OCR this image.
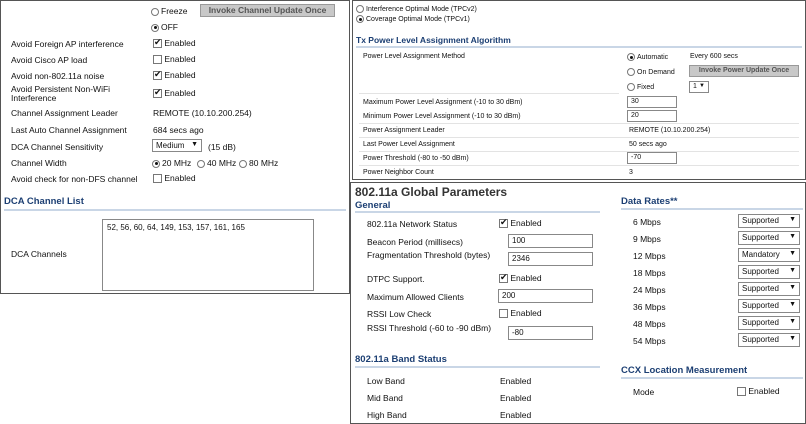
Freeze	Invoke Channel Update Once
OFF
Avoid Foreign AP interference ✔	Enabled
Avoid Cisco AP load	Enabled
Avoid non-802.11a noise ✔	Enabled
Avoid Persistent Non-WiFi Interference ✔	Enabled
Channel Assignment Leader	REMOTE (10.10.200.254)
Last Auto Channel Assignment	684 secs ago
DCA Channel Sensitivity	Medium ▼ (15 dB)
Channel Width	20 MHz	40 MHz	80 MHz
Avoid check for non-DFS channel	Enabled
DCA Channel List
DCA Channels
52, 56, 60, 64, 149, 153, 157, 161, 165
Interference Optimal Mode (TPCv2)
Coverage Optimal Mode (TPCv1)
Tx Power Level Assignment Algorithm
Power Level Assignment Method	Automatic	Every 600 secs
On Demand	Invoke Power Update Once
Fixed	1 ▼
Maximum Power Level Assignment (-10 to 30 dBm)	30
Minimum Power Level Assignment (-10 to 30 dBm)	20
Power Assignment Leader	REMOTE (10.10.200.254)
Last Power Level Assignment	50 secs ago
Power Threshold (-80 to -50 dBm)	-70
Power Neighbor Count	3
802.11a Global Parameters
General
802.11a Network Status ✔	Enabled
Beacon Period (millisecs)	100
Fragmentation Threshold (bytes)	2346
DTPC Support. ✔	Enabled
Maximum Allowed Clients	200
RSSI Low Check	Enabled
RSSI Threshold (-60 to -90 dBm)	-80
802.11a Band Status
Low Band	Enabled
Mid Band	Enabled
High Band	Enabled
Data Rates**
6 Mbps	Supported ▼
9 Mbps	Supported ▼
12 Mbps	Mandatory ▼
18 Mbps	Supported ▼
24 Mbps	Supported ▼
36 Mbps	Supported ▼
48 Mbps	Supported ▼
54 Mbps	Supported ▼
CCX Location Measurement
Mode	Enabled
